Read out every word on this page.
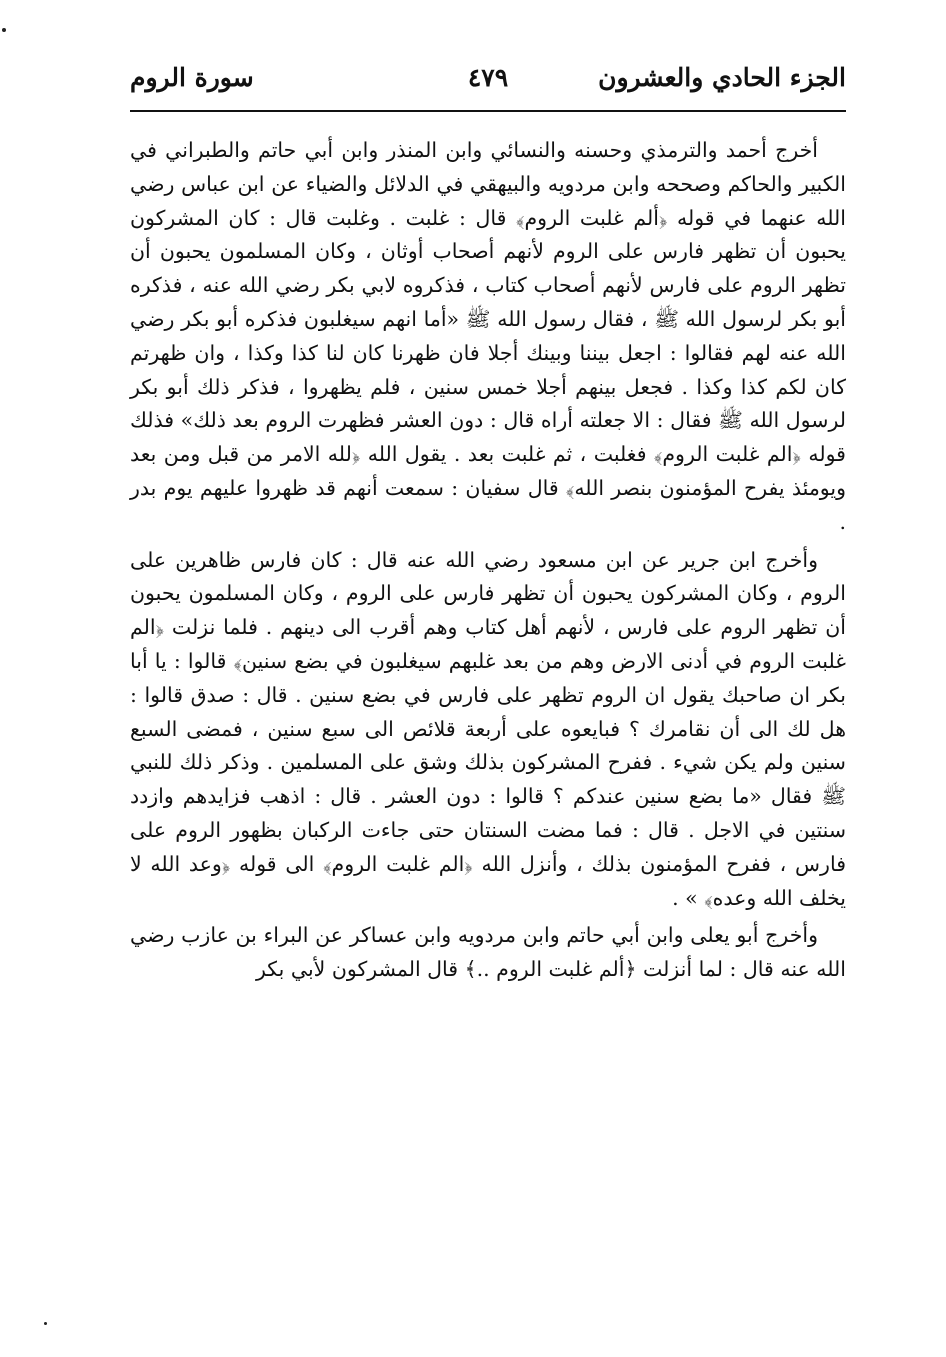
الجزء الحادي والعشرون
٤٧٩
سورة الروم

أخرج أحمد والترمذي وحسنه والنسائي وابن المنذر وابن أبي حاتم والطبراني في الكبير والحاكم وصححه وابن مردويه والبيهقي في الدلائل والضياء عن ابن عباس رضي الله عنهما في قوله ﴿ألم غلبت الروم﴾ قال : غلبت . وغلبت قال : كان المشركون يحبون أن تظهر فارس على الروم لأنهم أصحاب أوثان ، وكان المسلمون يحبون أن تظهر الروم على فارس لأنهم أصحاب كتاب ، فذكروه لابي بكر رضي الله عنه ، فذكره أبو بكر لرسول الله ﷺ ، فقال رسول الله ﷺ «أما انهم سيغلبون فذكره أبو بكر رضي الله عنه لهم فقالوا : اجعل بيننا وبينك أجلا فان ظهرنا كان لنا كذا وكذا ، وان ظهرتم كان لكم كذا وكذا . فجعل بينهم أجلا خمس سنين ، فلم يظهروا ، فذكر ذلك أبو بكر لرسول الله ﷺ فقال : الا جعلته أراه قال : دون العشر فظهرت الروم بعد ذلك» فذلك قوله ﴿الم غلبت الروم﴾ فغلبت ، ثم غلبت بعد . يقول الله ﴿لله الامر من قبل ومن بعد ويومئذ يفرح المؤمنون بنصر الله﴾ قال سفيان : سمعت أنهم قد ظهروا عليهم يوم بدر .

وأخرج ابن جرير عن ابن مسعود رضي الله عنه قال : كان فارس ظاهرين على الروم ، وكان المشركون يحبون أن تظهر فارس على الروم ، وكان المسلمون يحبون أن تظهر الروم على فارس ، لأنهم أهل كتاب وهم أقرب الى دينهم . فلما نزلت ﴿الم غلبت الروم في أدنى الارض وهم من بعد غلبهم سيغلبون في بضع سنين﴾ قالوا : يا أبا بكر ان صاحبك يقول ان الروم تظهر على فارس في بضع سنين . قال : صدق قالوا : هل لك الى أن نقامرك ؟ فبايعوه على أربعة قلائص الى سبع سنين ، فمضى السبع سنين ولم يكن شيء . ففرح المشركون بذلك وشق على المسلمين . وذكر ذلك للنبي ﷺ فقال «ما بضع سنين عندكم ؟ قالوا : دون العشر . قال : اذهب فزايدهم وازدد سنتين في الاجل . قال : فما مضت السنتان حتى جاءت الركبان بظهور الروم على فارس ، ففرح المؤمنون بذلك ، وأنزل الله ﴿الم غلبت الروم﴾ الى قوله ﴿وعد الله لا يخلف الله وعده﴾ » .

وأخرج أبو يعلى وابن أبي حاتم وابن مردويه وابن عساكر عن البراء بن عازب رضي الله عنه قال : لما أنزلت ﴿ألم غلبت الروم ..﴾ قال المشركون لأبي بكر
